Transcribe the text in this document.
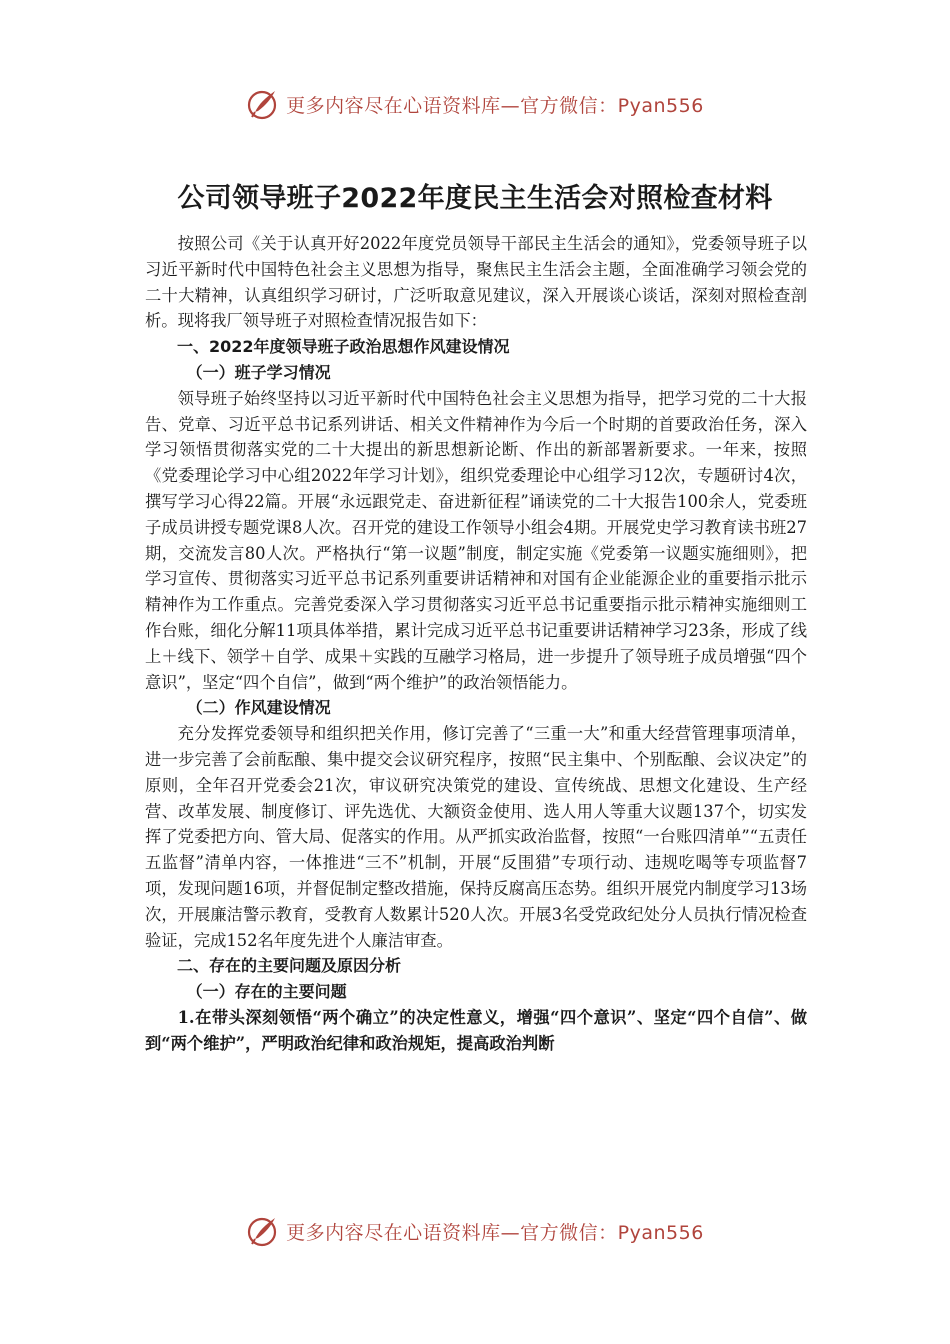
更多内容尽在心语资料库—官方微信：Pyan556
公司领导班子2022年度民主生活会对照检查材料

按照公司《关于认真开好2022年度党员领导干部民主生活会的通知》，党委领导班子以习近平新时代中国特色社会主义思想为指导，聚焦民主生活会主题，全面准确学习领会党的二十大精神，认真组织学习研讨，广泛听取意见建议，深入开展谈心谈话，深刻对照检查剖析。现将我厂领导班子对照检查情况报告如下：

一、2022年度领导班子政治思想作风建设情况

（一）班子学习情况

领导班子始终坚持以习近平新时代中国特色社会主义思想为指导，把学习党的二十大报告、党章、习近平总书记系列讲话、相关文件精神作为今后一个时期的首要政治任务，深入学习领悟贯彻落实党的二十大提出的新思想新论断、作出的新部署新要求。一年来，按照《党委理论学习中心组2022年学习计划》，组织党委理论中心组学习12次，专题研讨4次，撰写学习心得22篇。开展“永远跟党走、奋进新征程”诵读党的二十大报告100余人，党委班子成员讲授专题党课8人次。召开党的建设工作领导小组会4期。开展党史学习教育读书班27期，交流发言80人次。严格执行“第一议题”制度，制定实施《党委第一议题实施细则》，把学习宣传、贯彻落实习近平总书记系列重要讲话精神和对国有企业能源企业的重要指示批示精神作为工作重点。完善党委深入学习贯彻落实习近平总书记重要指示批示精神实施细则工作台账，细化分解11项具体举措，累计完成习近平总书记重要讲话精神学习23条，形成了线上＋线下、领学＋自学、成果＋实践的互融学习格局，进一步提升了领导班子成员增强“四个意识”，坚定“四个自信”，做到“两个维护”的政治领悟能力。

（二）作风建设情况

充分发挥党委领导和组织把关作用，修订完善了“三重一大”和重大经营管理事项清单，进一步完善了会前酝酿、集中提交会议研究程序，按照“民主集中、个别酝酿、会议决定”的原则，全年召开党委会21次，审议研究决策党的建设、宣传统战、思想文化建设、生产经营、改革发展、制度修订、评先选优、大额资金使用、选人用人等重大议题137个，切实发挥了党委把方向、管大局、促落实的作用。从严抓实政治监督，按照“一台账四清单”“五责任五监督”清单内容，一体推进“三不”机制，开展“反围猎”专项行动、违规吃喝等专项监督7项，发现问题16项，并督促制定整改措施，保持反腐高压态势。组织开展党内制度学习13场次，开展廉洁警示教育，受教育人数累计520人次。开展3名受党政纪处分人员执行情况检查验证，完成152名年度先进个人廉洁审查。

二、存在的主要问题及原因分析

（一）存在的主要问题

1.在带头深刻领悟“两个确立”的决定性意义，增强“四个意识”、坚定“四个自信”、做到“两个维护”，严明政治纪律和政治规矩，提高政治判断

更多内容尽在心语资料库—官方微信：Pyan556
